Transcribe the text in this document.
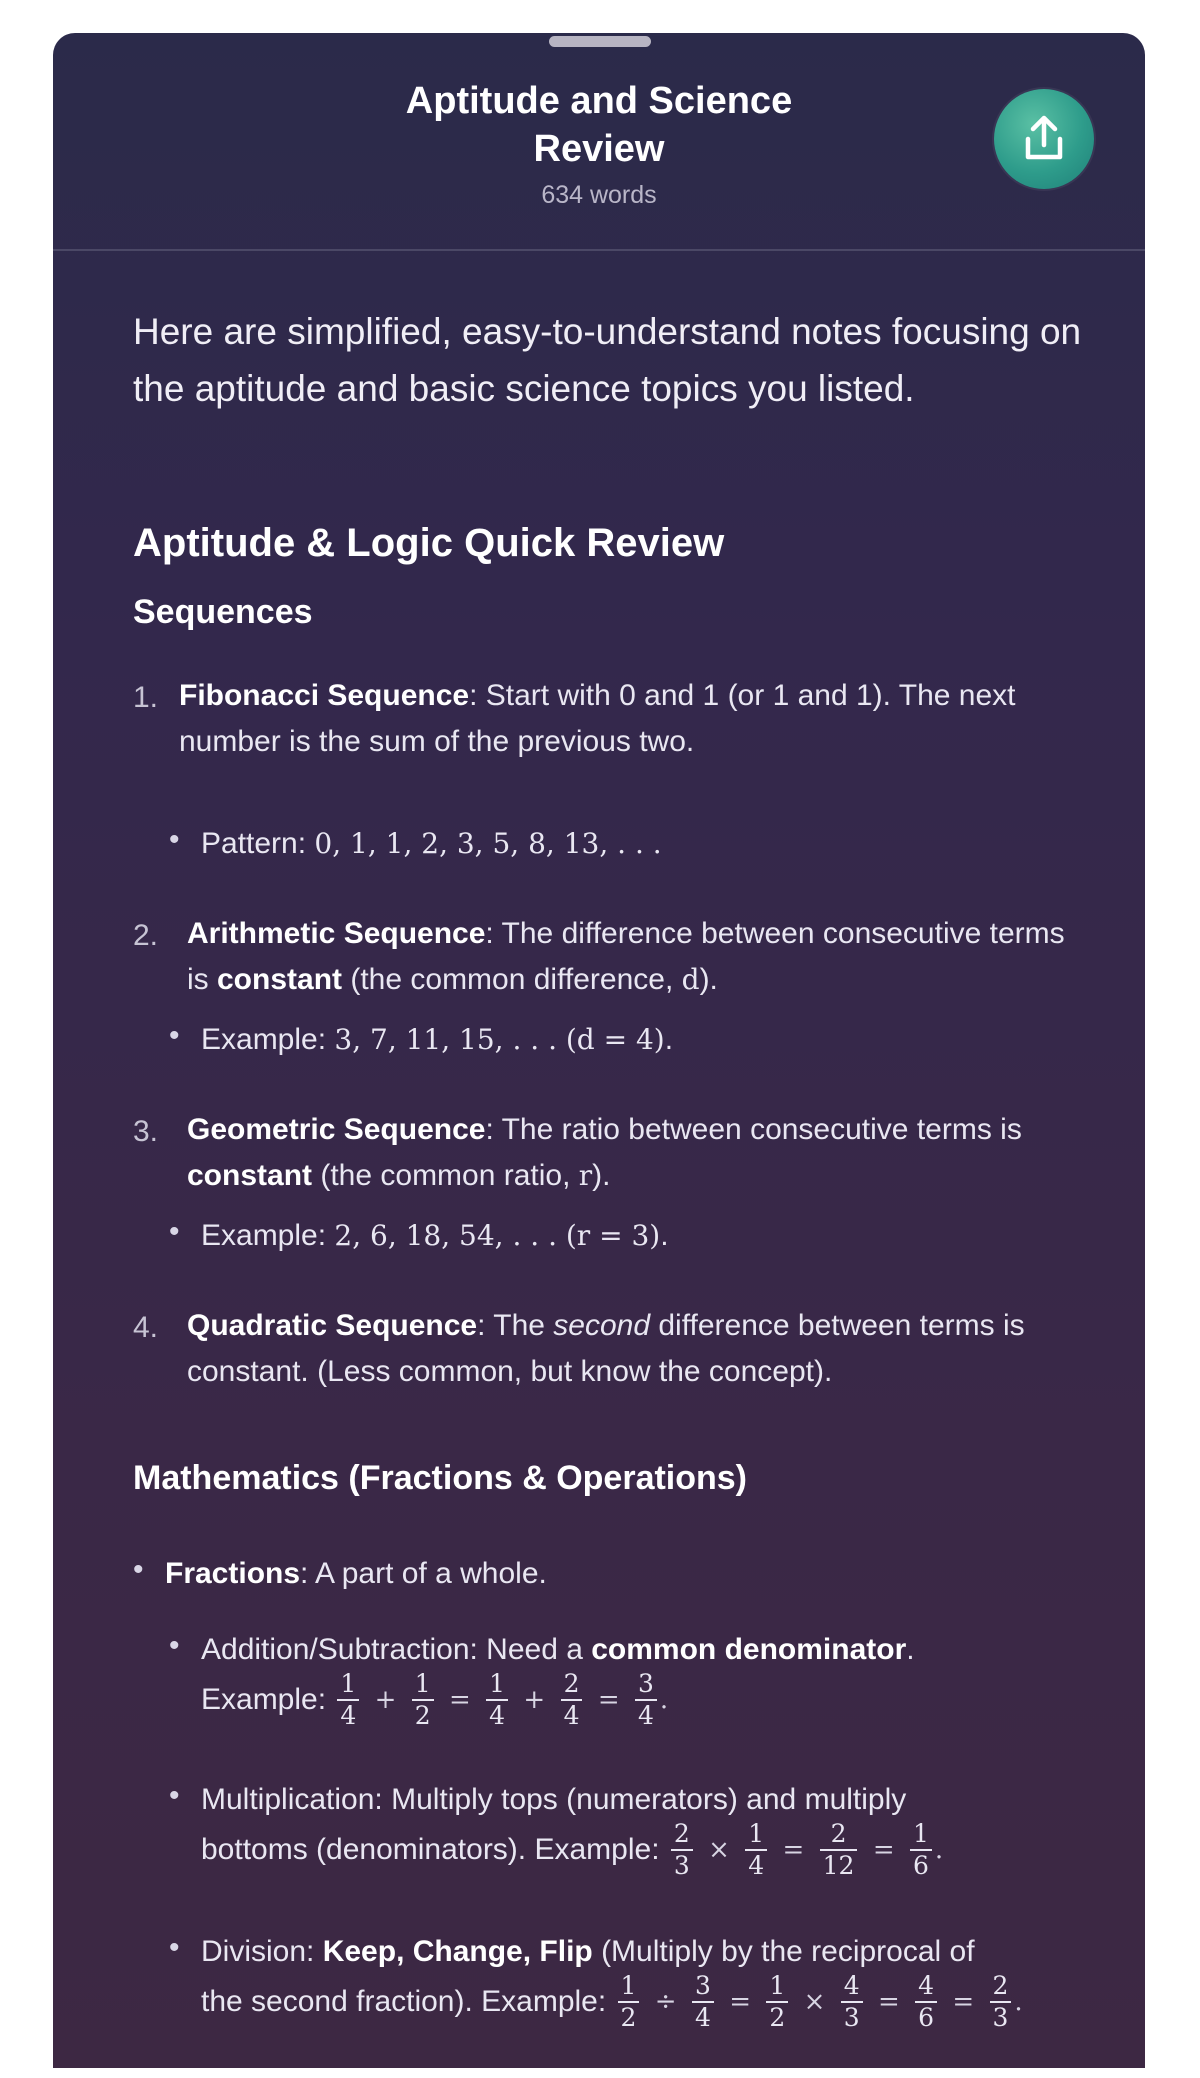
Aptitude and Science
Review
634 words

Here are simplified, easy-to-understand notes focusing on the aptitude and basic science topics you listed.

Aptitude & Logic Quick Review
Sequences
1. Fibonacci Sequence: Start with 0 and 1 (or 1 and 1). The next number is the sum of the previous two.
• Pattern: 0, 1, 1, 2, 3, 5, 8, 13, . . .
2. Arithmetic Sequence: The difference between consecutive terms is constant (the common difference, d).
• Example: 3, 7, 11, 15, . . . (d = 4).
3. Geometric Sequence: The ratio between consecutive terms is constant (the common ratio, r).
• Example: 2, 6, 18, 54, . . . (r = 3).
4. Quadratic Sequence: The second difference between terms is constant. (Less common, but know the concept).
Mathematics (Fractions & Operations)
• Fractions: A part of a whole.
• Addition/Subtraction: Need a common denominator.
Example: $\frac{1}{4} + \frac{1}{2} = \frac{1}{4} + \frac{2}{4} = \frac{3}{4}$ .
• Multiplication: Multiply tops (numerators) and multiply
bottoms (denominators). Example: $\frac{2}{3} \times \frac{1}{4} = \frac{2}{12} = \frac{1}{6}$ .
• Division: Keep, Change, Flip (Multiply by the reciprocal of
the second fraction). Example: $\frac{1}{2} \div \frac{3}{4} = \frac{1}{2} \times \frac{4}{3} = \frac{4}{6} = \frac{2}{3}$ .
